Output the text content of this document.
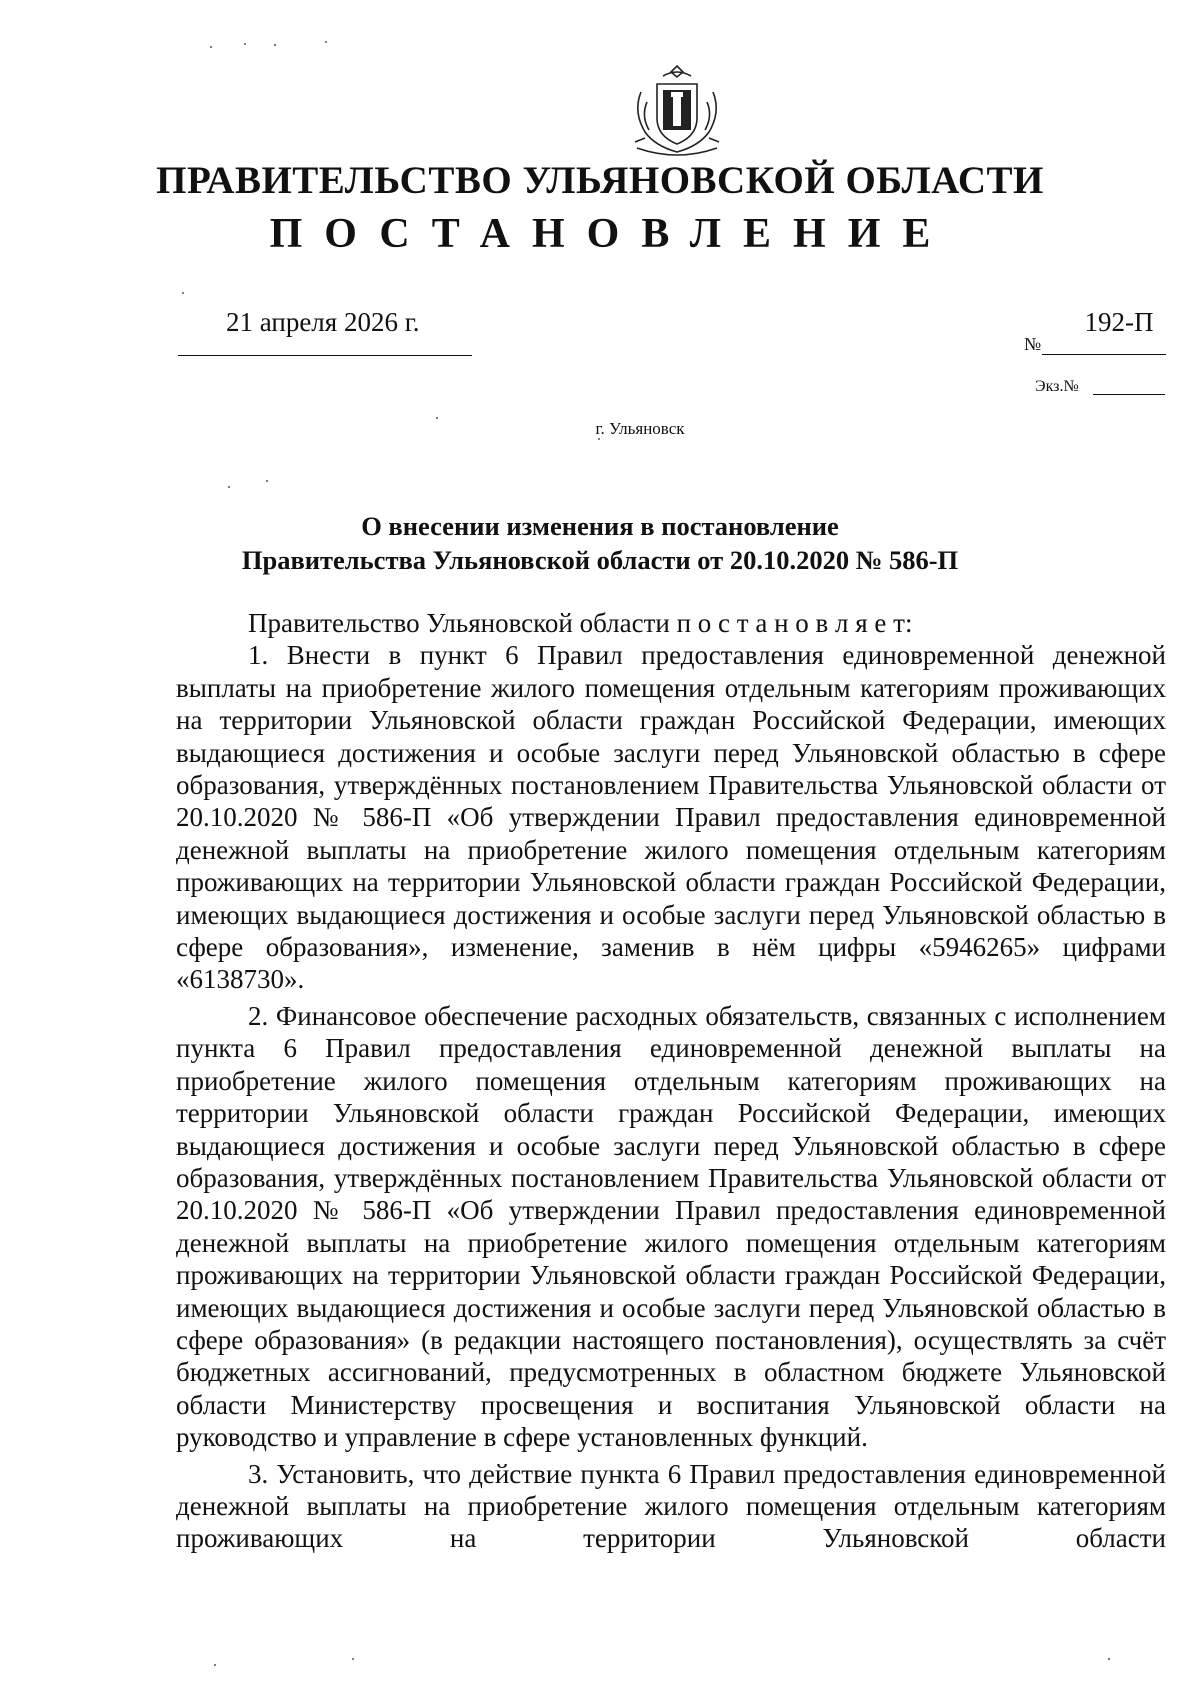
ПРАВИТЕЛЬСТВО УЛЬЯНОВСКОЙ ОБЛАСТИ
ПОСТАНОВЛЕНИЕ
21 апреля 2026 г.
№
192-П
Экз.№
г. Ульяновск
О внесении изменения в постановление
Правительства Ульяновской области от 20.10.2020 № 586-П

Правительство Ульяновской области п о с т а н о в л я е т:

1. Внести в пункт 6 Правил предоставления единовременной денежной выплаты на приобретение жилого помещения отдельным категориям проживающих на территории Ульяновской области граждан Российской Федерации, имеющих выдающиеся достижения и особые заслуги перед Ульяновской областью в сфере образования, утверждённых постановлением Правительства Ульяновской области от 20.10.2020 № 586-П «Об утверждении Правил предоставления единовременной денежной выплаты на приобретение жилого помещения отдельным категориям проживающих на территории Ульяновской области граждан Российской Федерации, имеющих выдающиеся достижения и особые заслуги перед Ульяновской областью в сфере образования», изменение, заменив в нём цифры «5946265» цифрами «6138730».

2. Финансовое обеспечение расходных обязательств, связанных с исполнением пункта 6 Правил предоставления единовременной денежной выплаты на приобретение жилого помещения отдельным категориям проживающих на территории Ульяновской области граждан Российской Федерации, имеющих выдающиеся достижения и особые заслуги перед Ульяновской областью в сфере образования, утверждённых постановлением Правительства Ульяновской области от 20.10.2020 № 586-П «Об утверждении Правил предоставления единовременной денежной выплаты на приобретение жилого помещения отдельным категориям проживающих на территории Ульяновской области граждан Российской Федерации, имеющих выдающиеся достижения и особые заслуги перед Ульяновской областью в сфере образования» (в редакции настоящего постановления), осуществлять за счёт бюджетных ассигнований, предусмотренных в областном бюджете Ульяновской области Министерству просвещения и воспитания Ульяновской области на руководство и управление в сфере установленных функций.

3. Установить, что действие пункта 6 Правил предоставления единовременной денежной выплаты на приобретение жилого помещения отдельным категориям проживающих на территории Ульяновской области
